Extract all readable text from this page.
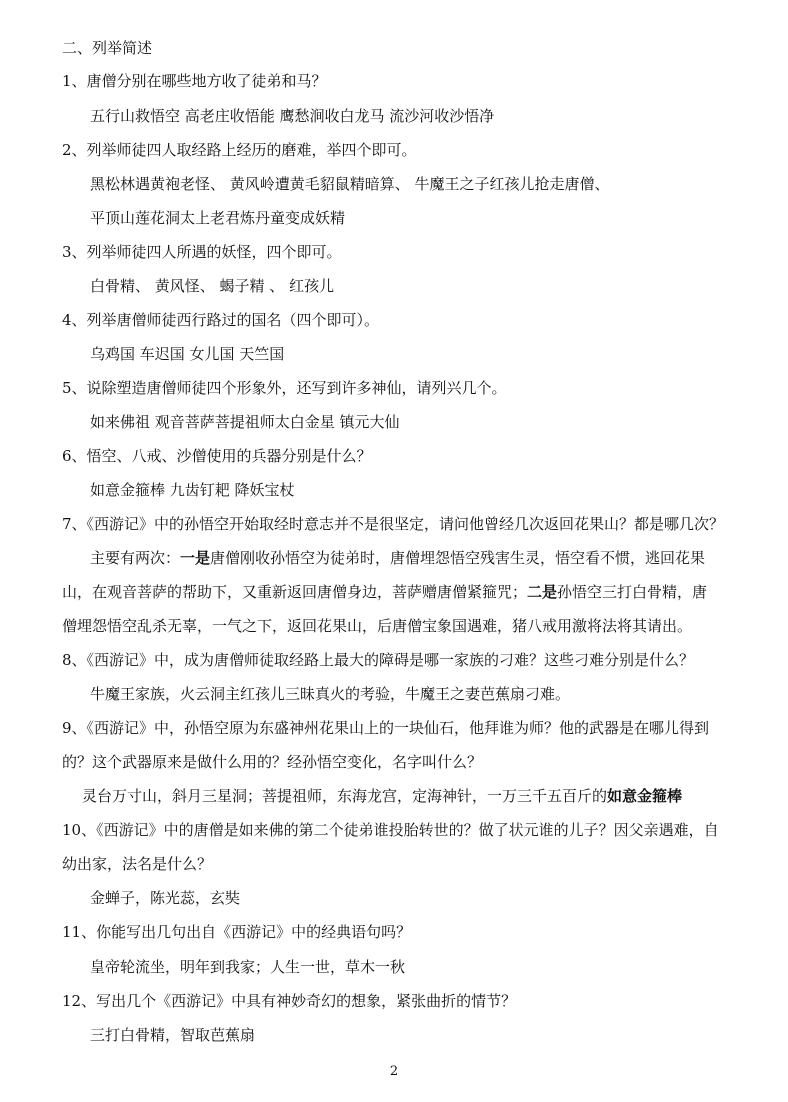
二、列举简述
1、唐僧分别在哪些地方收了徒弟和马？
五行山救悟空 高老庄收悟能 鹰愁涧收白龙马 流沙河收沙悟净
2、列举师徒四人取经路上经历的磨难，举四个即可。
黑松林遇黄袍老怪、 黄风岭遭黄毛貂鼠精暗算、 牛魔王之子红孩儿抢走唐僧、
平顶山莲花洞太上老君炼丹童变成妖精
3、列举师徒四人所遇的妖怪，四个即可。
白骨精、 黄风怪、 蝎子精 、 红孩儿
4、列举唐僧师徒西行路过的国名（四个即可）。
乌鸡国 车迟国 女儿国 天竺国
5、说除塑造唐僧师徒四个形象外，还写到许多神仙，请列兴几个。
如来佛祖 观音菩萨菩提祖师太白金星 镇元大仙
6、悟空、八戒、沙僧使用的兵器分别是什么？
如意金箍棒 九齿钉耙 降妖宝杖
7、《西游记》中的孙悟空开始取经时意志并不是很坚定，请问他曾经几次返回花果山？都是哪几次？
主要有两次：一是唐僧刚收孙悟空为徒弟时，唐僧埋怨悟空残害生灵，悟空看不惯，逃回花果
山，在观音菩萨的帮助下，又重新返回唐僧身边，菩萨赠唐僧紧箍咒；二是孙悟空三打白骨精，唐
僧埋怨悟空乱杀无辜，一气之下，返回花果山，后唐僧宝象国遇难，猪八戒用激将法将其请出。
8、《西游记》中，成为唐僧师徒取经路上最大的障碍是哪一家族的刁难？这些刁难分别是什么？
牛魔王家族，火云洞主红孩儿三昧真火的考验，牛魔王之妻芭蕉扇刁难。
9、《西游记》中，孙悟空原为东盛神州花果山上的一块仙石，他拜谁为师？他的武器是在哪儿得到
的？这个武器原来是做什么用的？经孙悟空变化，名字叫什么？
灵台万寸山，斜月三星洞；菩提祖师，东海龙宫，定海神针，一万三千五百斤的如意金箍棒
10、《西游记》中的唐僧是如来佛的第二个徒弟谁投胎转世的？做了状元谁的儿子？因父亲遇难，自
幼出家，法名是什么？
金蝉子，陈光蕊，玄奘
11、你能写出几句出自《西游记》中的经典语句吗？
皇帝轮流坐，明年到我家；人生一世，草木一秋
12、写出几个《西游记》中具有神妙奇幻的想象，紧张曲折的情节？
三打白骨精，智取芭蕉扇
2
